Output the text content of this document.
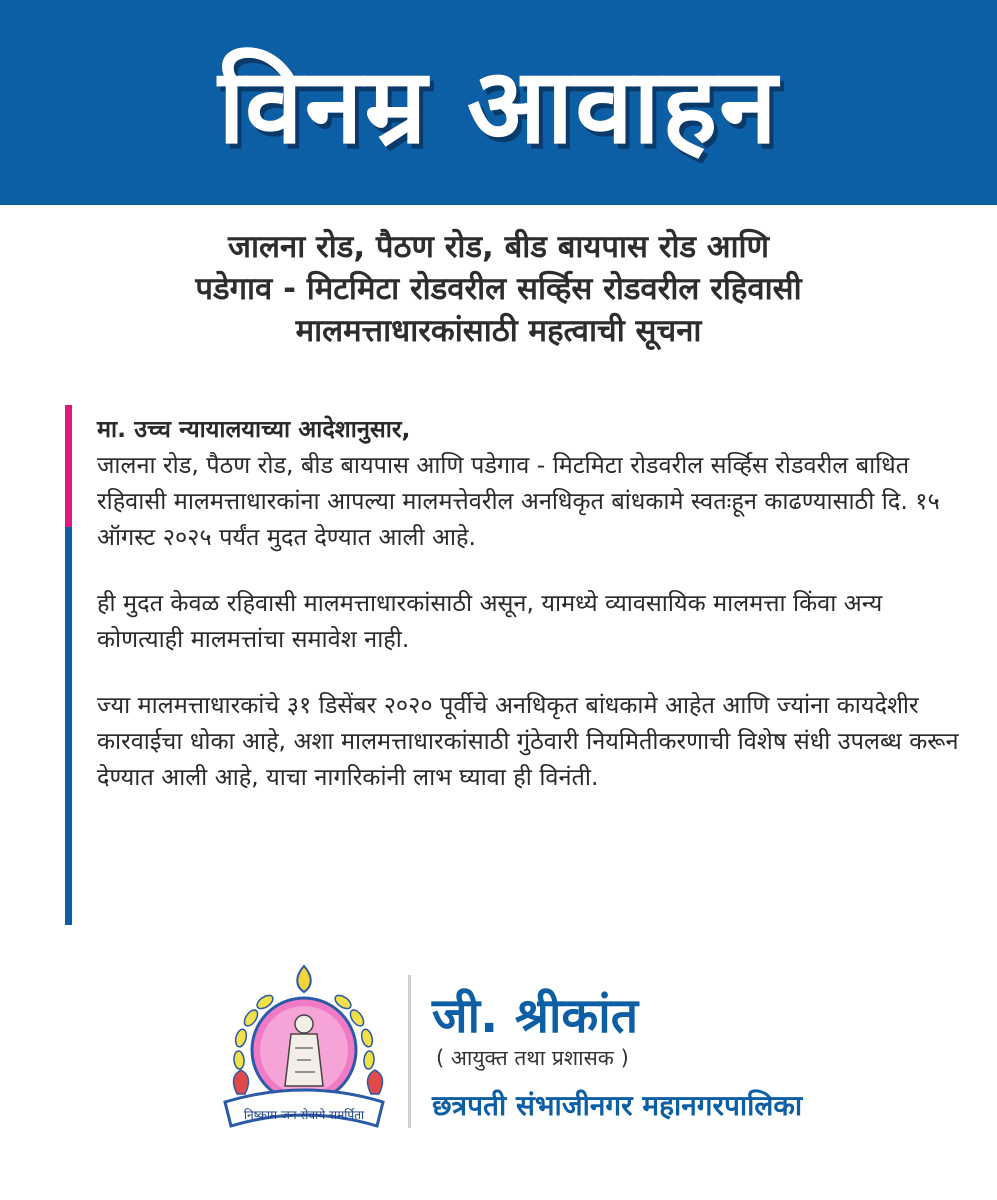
विनम्र आवाहन
जालना रोड, पैठण रोड, बीड बायपास रोड आणि
पडेगाव - मिटमिटा रोडवरील सर्व्हिस रोडवरील रहिवासी
मालमत्ताधारकांसाठी महत्वाची सूचना

मा. उच्च न्यायालयाच्या आदेशानुसार,

जालना रोड, पैठण रोड, बीड बायपास आणि पडेगाव - मिटमिटा रोडवरील सर्व्हिस रोडवरील बाधित रहिवासी मालमत्ताधारकांना आपल्या मालमत्तेवरील अनधिकृत बांधकामे स्वतःहून काढण्यासाठी दि. १५ ऑगस्ट २०२५ पर्यंत मुदत देण्यात आली आहे.

ही मुदत केवळ रहिवासी मालमत्ताधारकांसाठी असून, यामध्ये व्यावसायिक मालमत्ता किंवा अन्य कोणत्याही मालमत्तांचा समावेश नाही.

ज्या मालमत्ताधारकांचे ३१ डिसेंबर २०२० पूर्वीचे अनधिकृत बांधकामे आहेत आणि ज्यांना कायदेशीर कारवाईचा धोका आहे, अशा मालमत्ताधारकांसाठी गुंठेवारी नियमितीकरणाची विशेष संधी उपलब्ध करून देण्यात आली आहे, याचा नागरिकांनी लाभ घ्यावा ही विनंती.

निष्काम जन सेवाये समर्पिता
जी. श्रीकांत
( आयुक्त तथा प्रशासक )
छत्रपती संभाजीनगर महानगरपालिका
